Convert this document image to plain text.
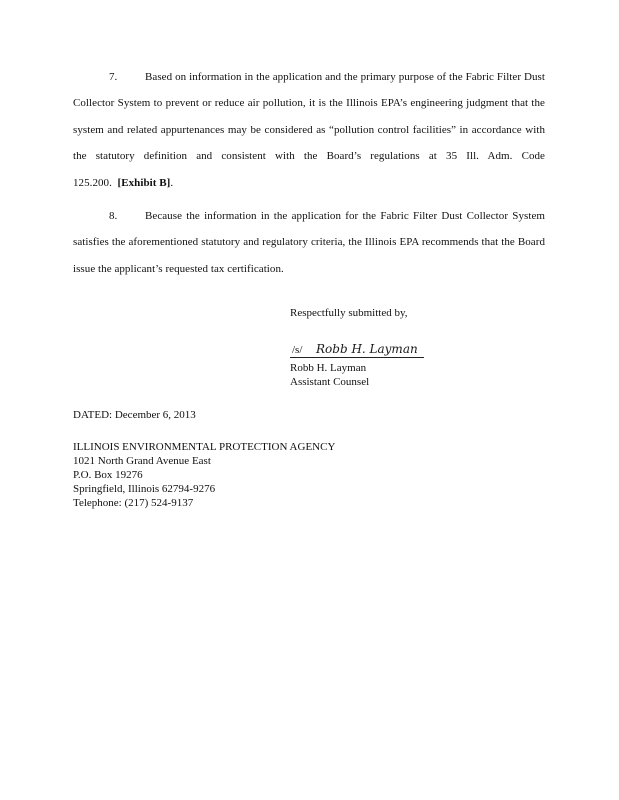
7.	Based on information in the application and the primary purpose of the Fabric Filter Dust Collector System to prevent or reduce air pollution, it is the Illinois EPA’s engineering judgment that the system and related appurtenances may be considered as “pollution control facilities” in accordance with the statutory definition and consistent with the Board’s regulations at 35 Ill. Adm. Code 125.200. [Exhibit B].
8.	Because the information in the application for the Fabric Filter Dust Collector System satisfies the aforementioned statutory and regulatory criteria, the Illinois EPA recommends that the Board issue the applicant’s requested tax certification.
Respectfully submitted by,
/s/ Robb H. Layman
Robb H. Layman
Assistant Counsel
DATED: December 6, 2013
ILLINOIS ENVIRONMENTAL PROTECTION AGENCY
1021 North Grand Avenue East
P.O. Box 19276
Springfield, Illinois 62794-9276
Telephone: (217) 524-9137
